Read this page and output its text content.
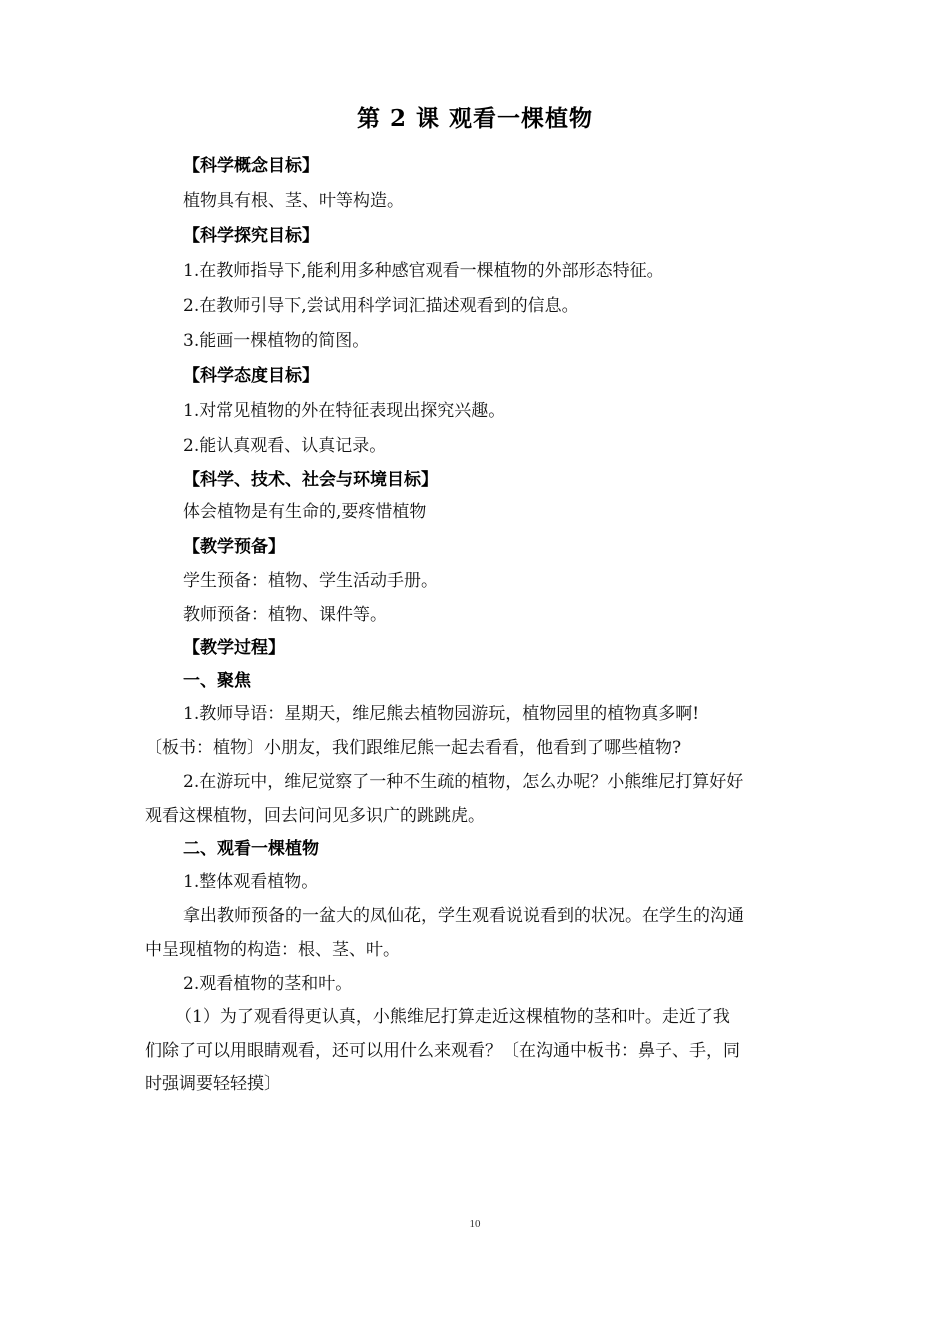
第 2 课 观看一棵植物
【科学概念目标】
植物具有根、茎、叶等构造。
【科学探究目标】
1.在教师指导下,能利用多种感官观看一棵植物的外部形态特征。
2.在教师引导下,尝试用科学词汇描述观看到的信息。
3.能画一棵植物的简图。
【科学态度目标】
1.对常见植物的外在特征表现出探究兴趣。
2.能认真观看、认真记录。
【科学、技术、社会与环境目标】
体会植物是有生命的,要疼惜植物
【教学预备】
学生预备：植物、学生活动手册。
教师预备：植物、课件等。
【教学过程】
一、聚焦
1.教师导语：星期天，维尼熊去植物园游玩，植物园里的植物真多啊!
〔板书：植物〕小朋友，我们跟维尼熊一起去看看，他看到了哪些植物?
2.在游玩中，维尼觉察了一种不生疏的植物，怎么办呢？小熊维尼打算好好
观看这棵植物，回去问问见多识广的跳跳虎。
二、观看一棵植物
1.整体观看植物。
拿出教师预备的一盆大的凤仙花，学生观看说说看到的状况。在学生的沟通
中呈现植物的构造：根、茎、叶。
2.观看植物的茎和叶。
（1）为了观看得更认真，小熊维尼打算走近这棵植物的茎和叶。走近了我
们除了可以用眼睛观看，还可以用什么来观看？〔在沟通中板书：鼻子、手，同
时强调要轻轻摸〕
10
